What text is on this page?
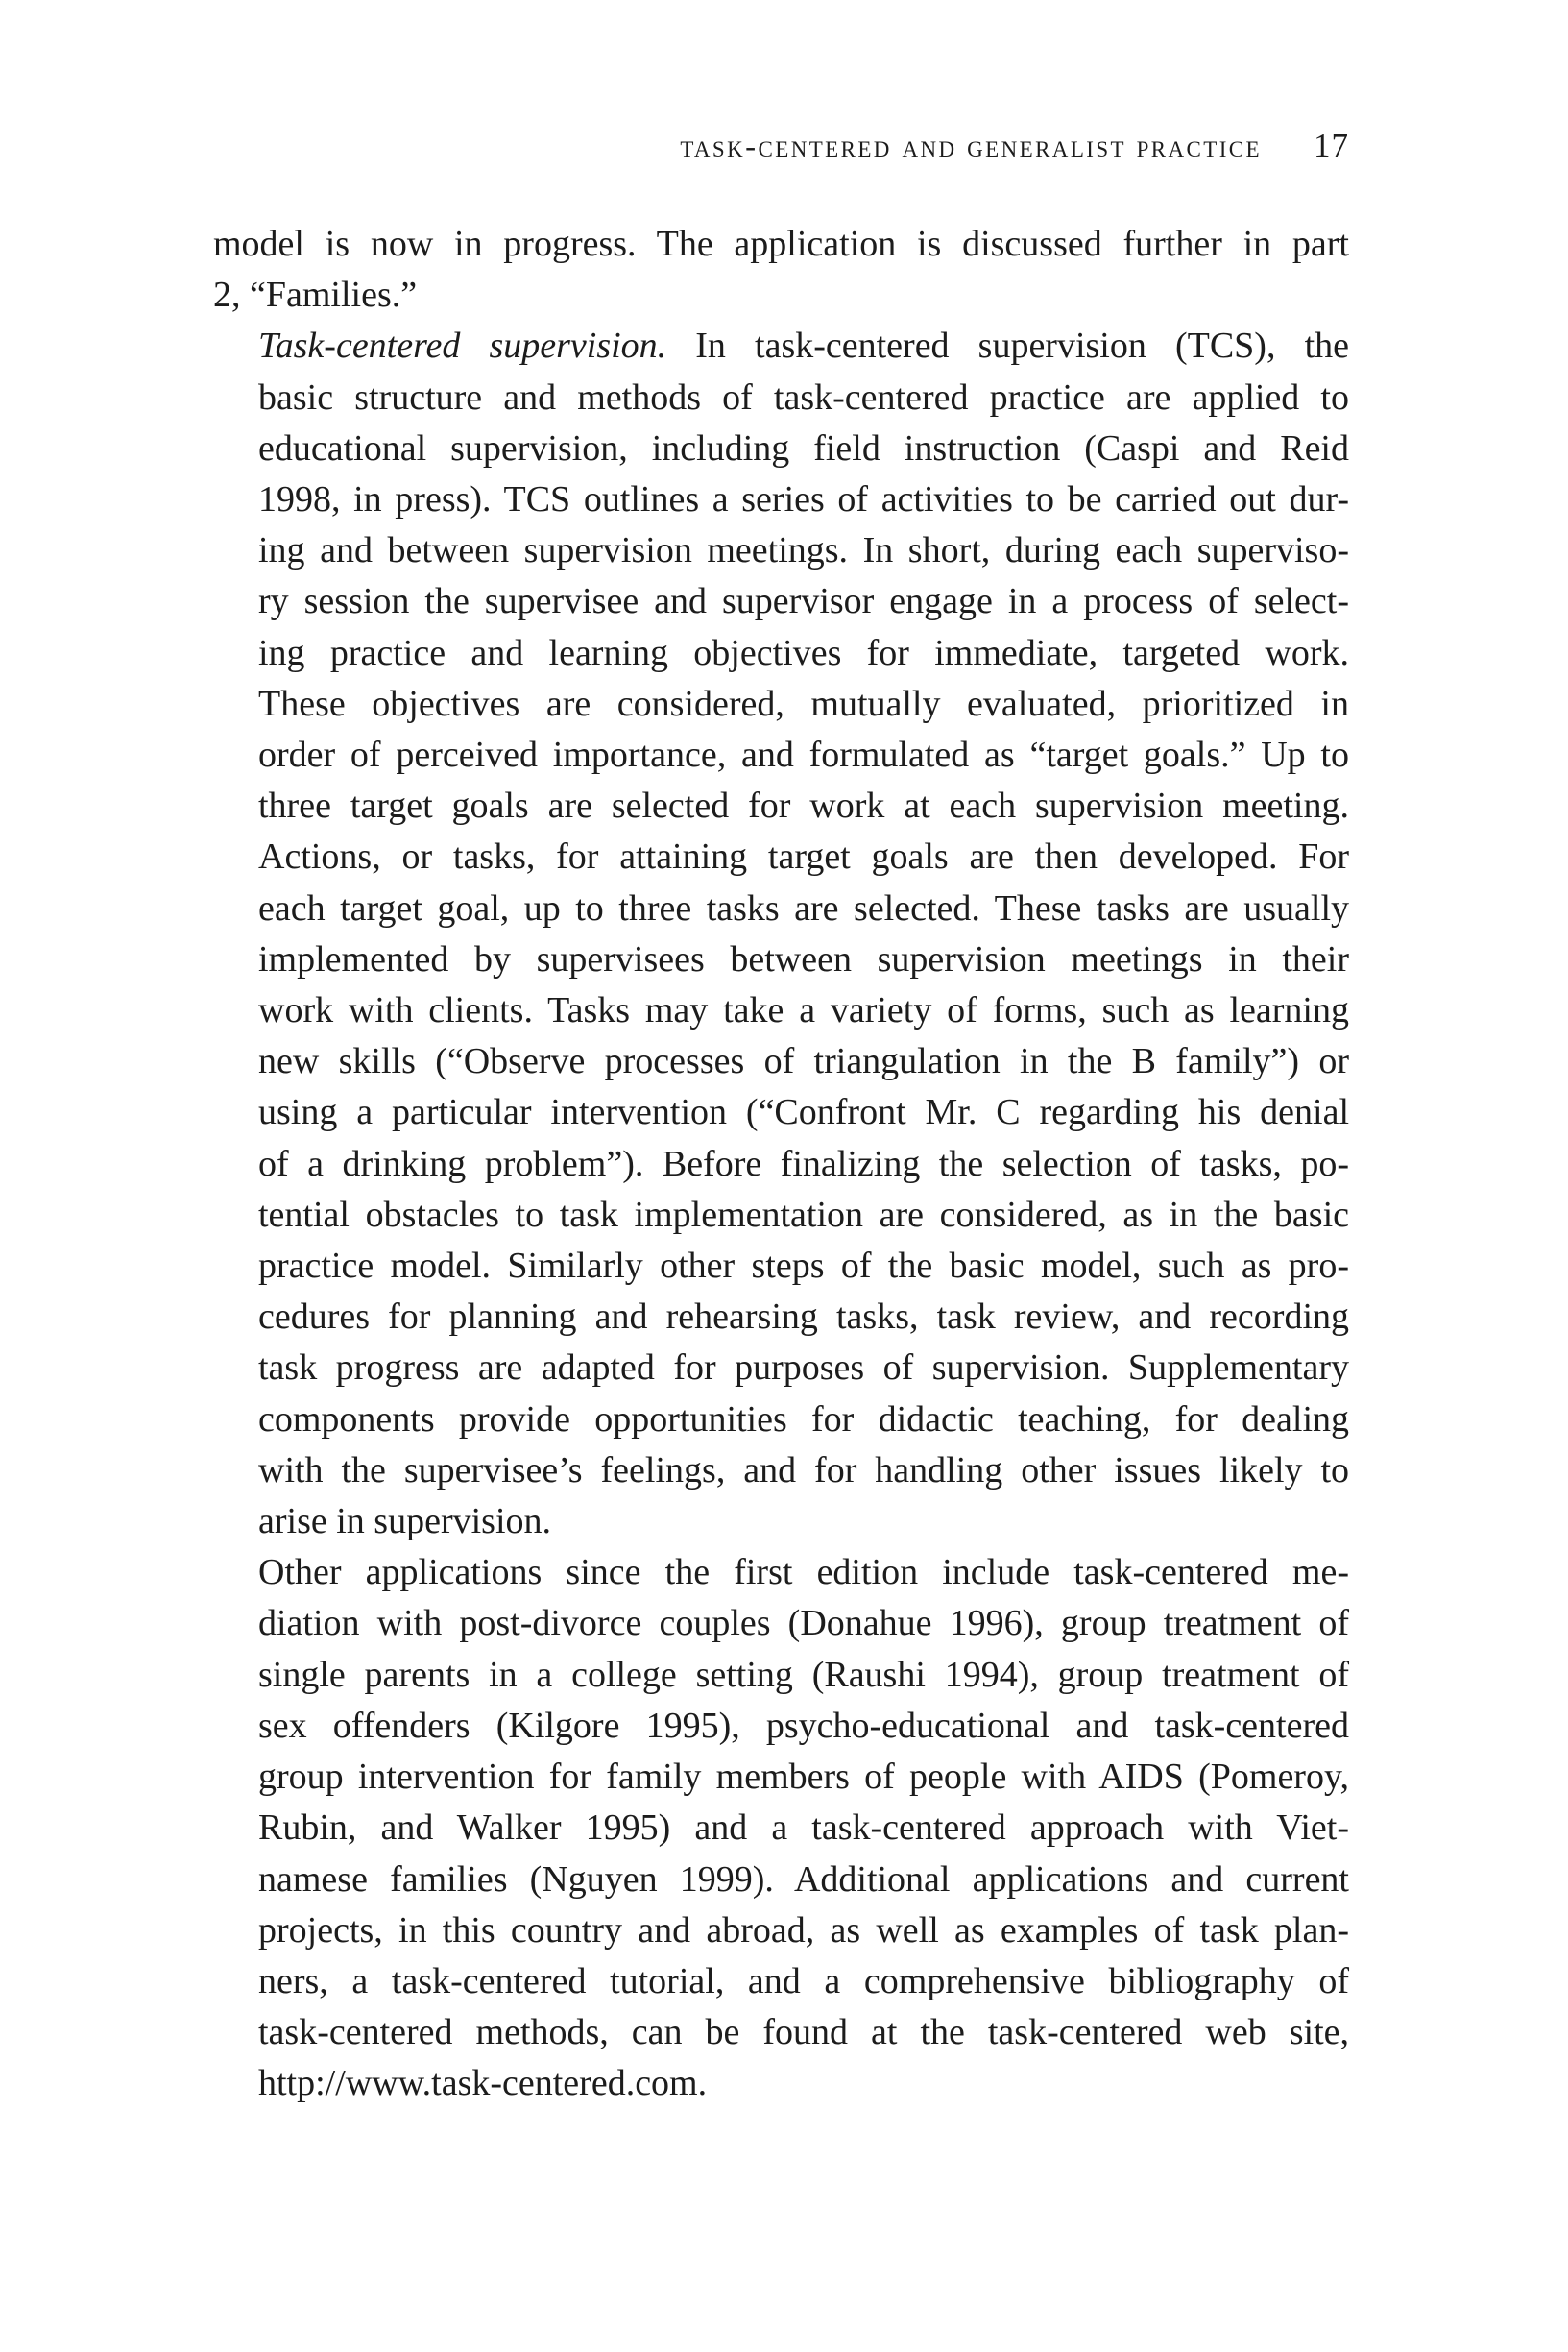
task-centered and generalist practice 17

model is now in progress. The application is discussed further in part
2, “Families.”

Task-centered supervision. In task-centered supervision (TCS), the
basic structure and methods of task-centered practice are applied to
educational supervision, including field instruction (Caspi and Reid
1998, in press). TCS outlines a series of activities to be carried out dur-
ing and between supervision meetings. In short, during each superviso-
ry session the supervisee and supervisor engage in a process of select-
ing practice and learning objectives for immediate, targeted work.
These objectives are considered, mutually evaluated, prioritized in
order of perceived importance, and formulated as “target goals.” Up to
three target goals are selected for work at each supervision meeting.
Actions, or tasks, for attaining target goals are then developed. For
each target goal, up to three tasks are selected. These tasks are usually
implemented by supervisees between supervision meetings in their
work with clients. Tasks may take a variety of forms, such as learning
new skills (“Observe processes of triangulation in the B family”) or
using a particular intervention (“Confront Mr. C regarding his denial
of a drinking problem”). Before finalizing the selection of tasks, po-
tential obstacles to task implementation are considered, as in the basic
practice model. Similarly other steps of the basic model, such as pro-
cedures for planning and rehearsing tasks, task review, and recording
task progress are adapted for purposes of supervision. Supplementary
components provide opportunities for didactic teaching, for dealing
with the supervisee’s feelings, and for handling other issues likely to
arise in supervision.

Other applications since the first edition include task-centered me-
diation with post-divorce couples (Donahue 1996), group treatment of
single parents in a college setting (Raushi 1994), group treatment of
sex offenders (Kilgore 1995), psycho-educational and task-centered
group intervention for family members of people with AIDS (Pomeroy,
Rubin, and Walker 1995) and a task-centered approach with Viet-
namese families (Nguyen 1999). Additional applications and current
projects, in this country and abroad, as well as examples of task plan-
ners, a task-centered tutorial, and a comprehensive bibliography of
task-centered methods, can be found at the task-centered web site,
http://www.task-centered.com.
